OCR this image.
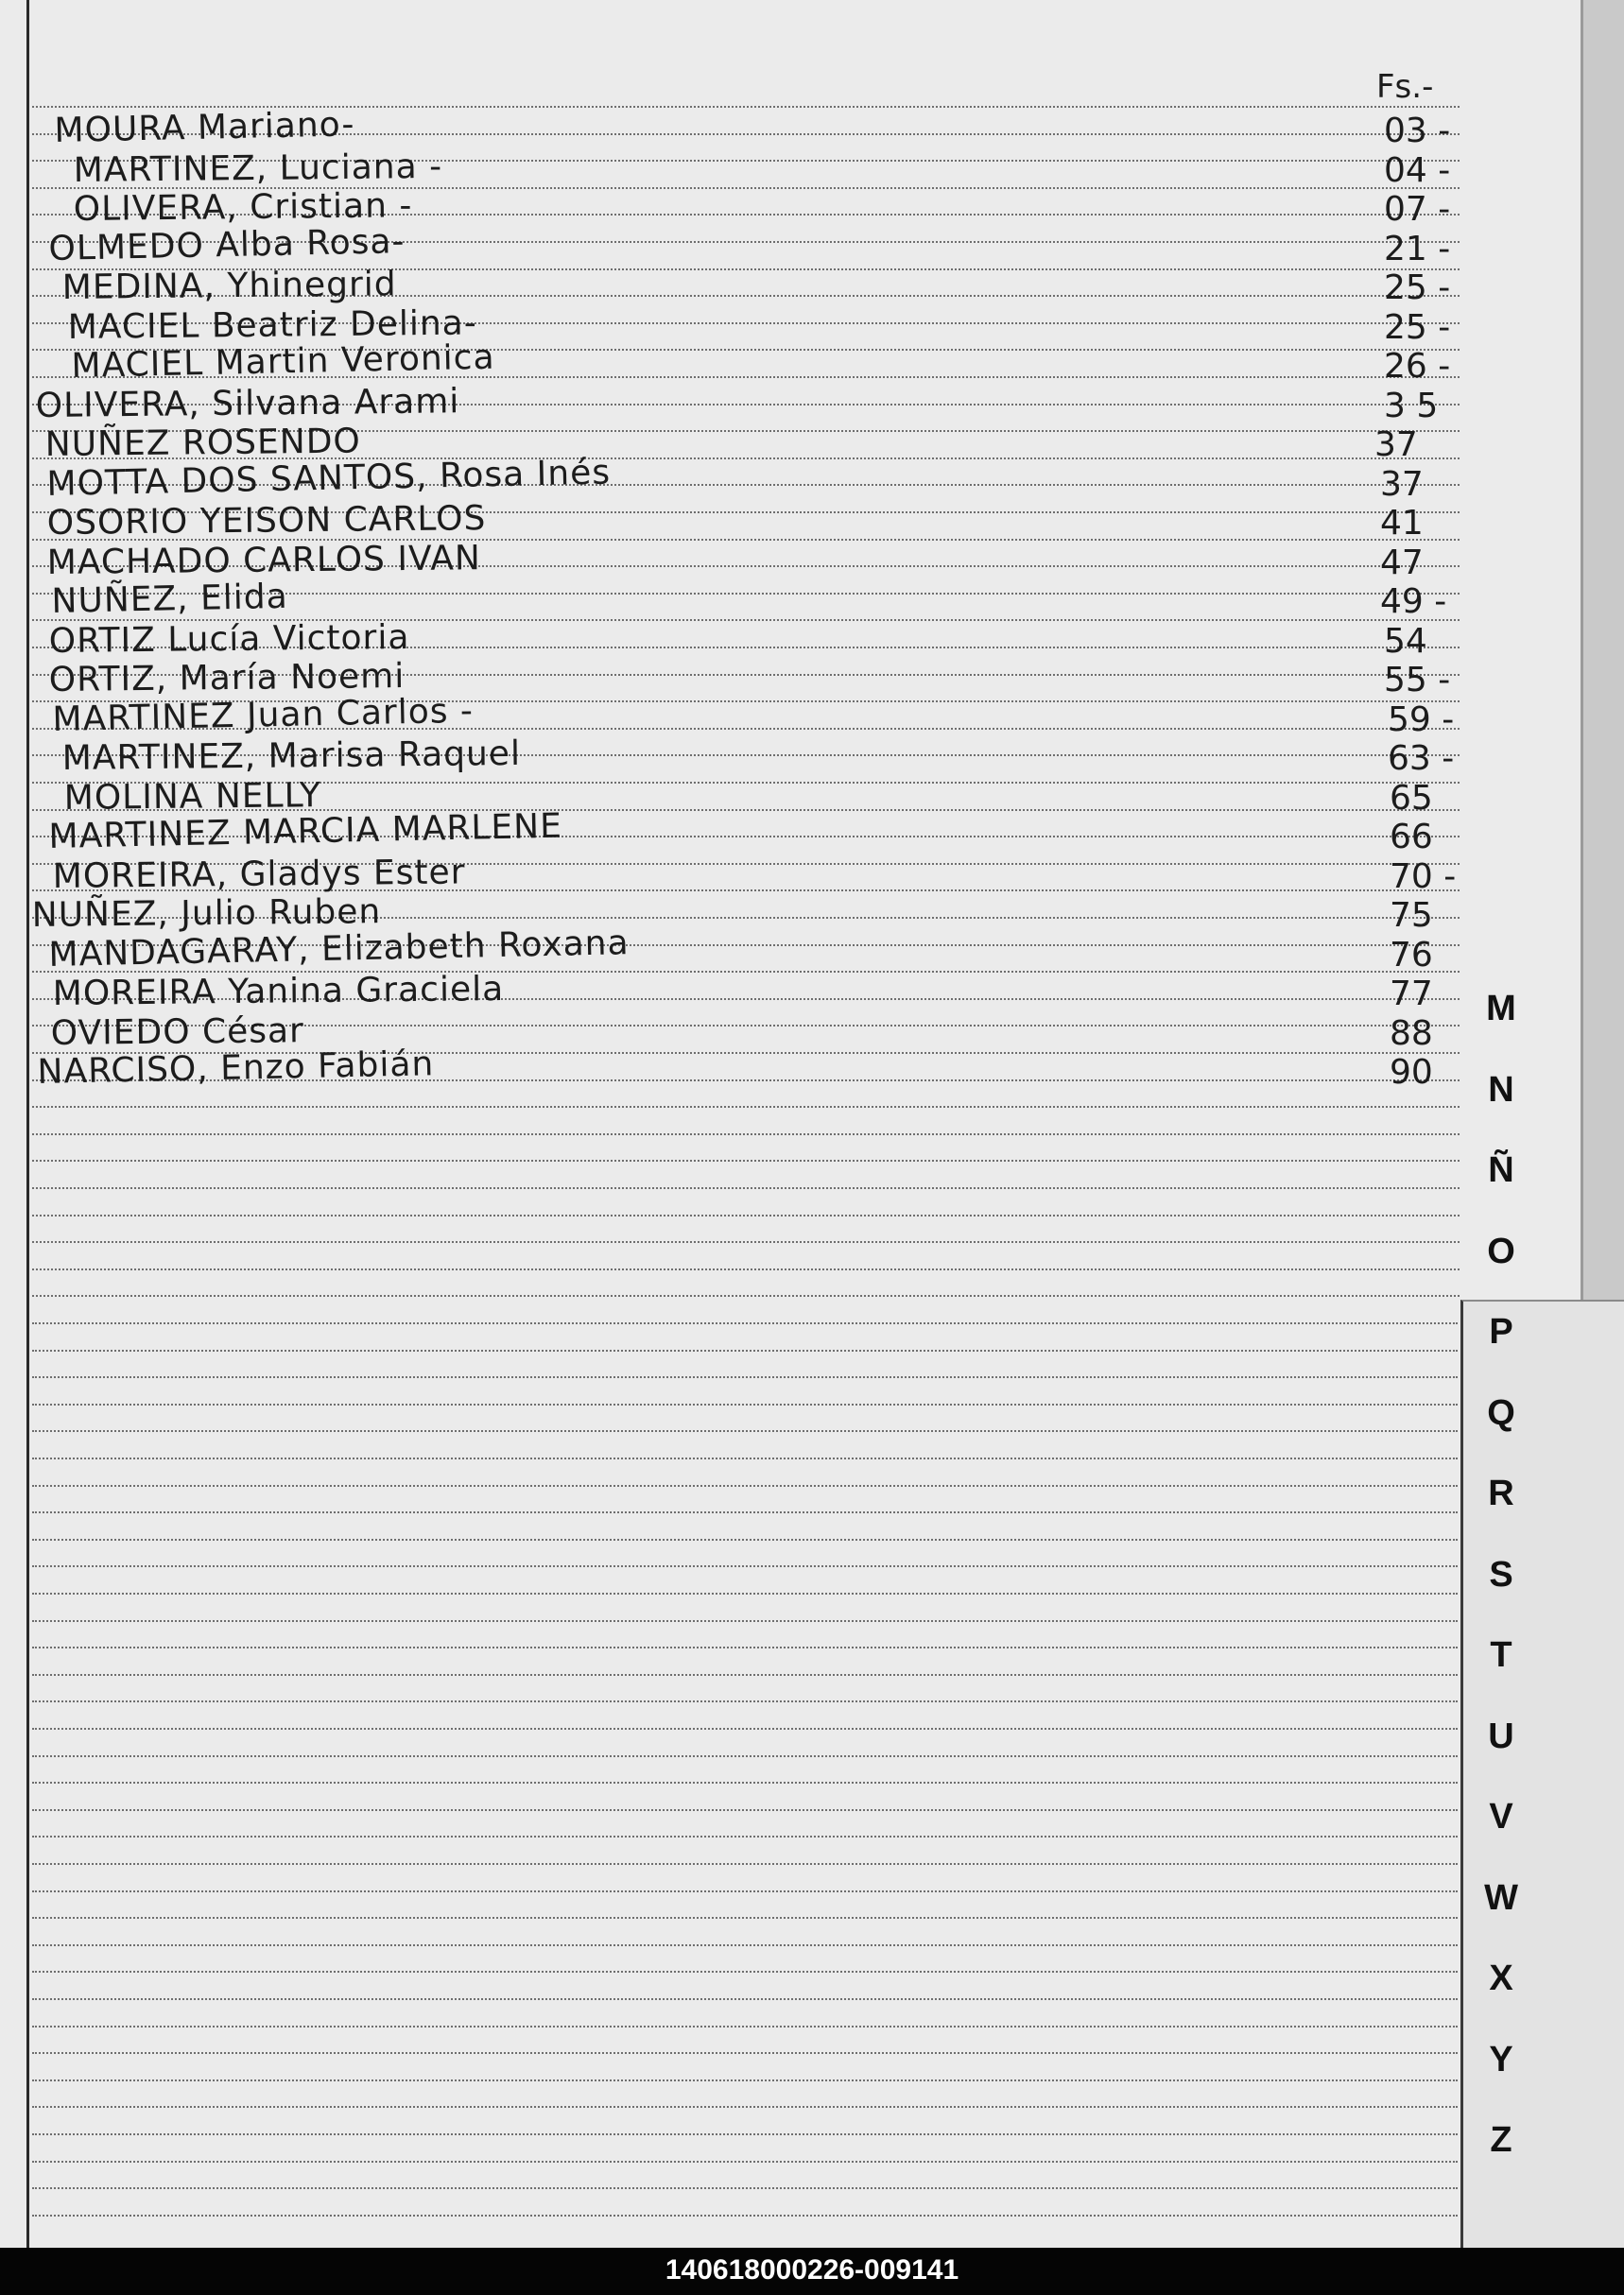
Fs.-
MOURA Mariano-	03 -
MARTINEZ, Luciana -	04 -
OLIVERA, Cristian -	07 -
OLMEDO Alba Rosa-	21 -
MEDINA, Yhinegrid	25 -
MACIEL Beatriz Delina-	25 -
MACIEL Martin Veronica	26 -
OLIVERA, Silvana Arami	3 5
NUÑEZ ROSENDO	37
MOTTA DOS SANTOS, Rosa Inés	37
OSORIO YEISON CARLOS	41
MACHADO CARLOS IVAN	47
NUÑEZ, Elida	49 -
ORTIZ Lucía Victoria	54
ORTIZ, María Noemi	55 -
MARTINEZ Juan Carlos -	59 -
MARTINEZ, Marisa Raquel	63 -
MOLINA NELLY	65
MARTINEZ MARCIA MARLENE	66
MOREIRA, Gladys Ester	70 -
NUÑEZ, Julio Ruben	75
MANDAGARAY, Elizabeth Roxana	76
MOREIRA Yanina Graciela	77
OVIEDO César	88
NARCISO, Enzo Fabián	90
M
N
Ñ
O
P
Q
R
S
T
U
V
W
X
Y
Z
140618000226-009141
